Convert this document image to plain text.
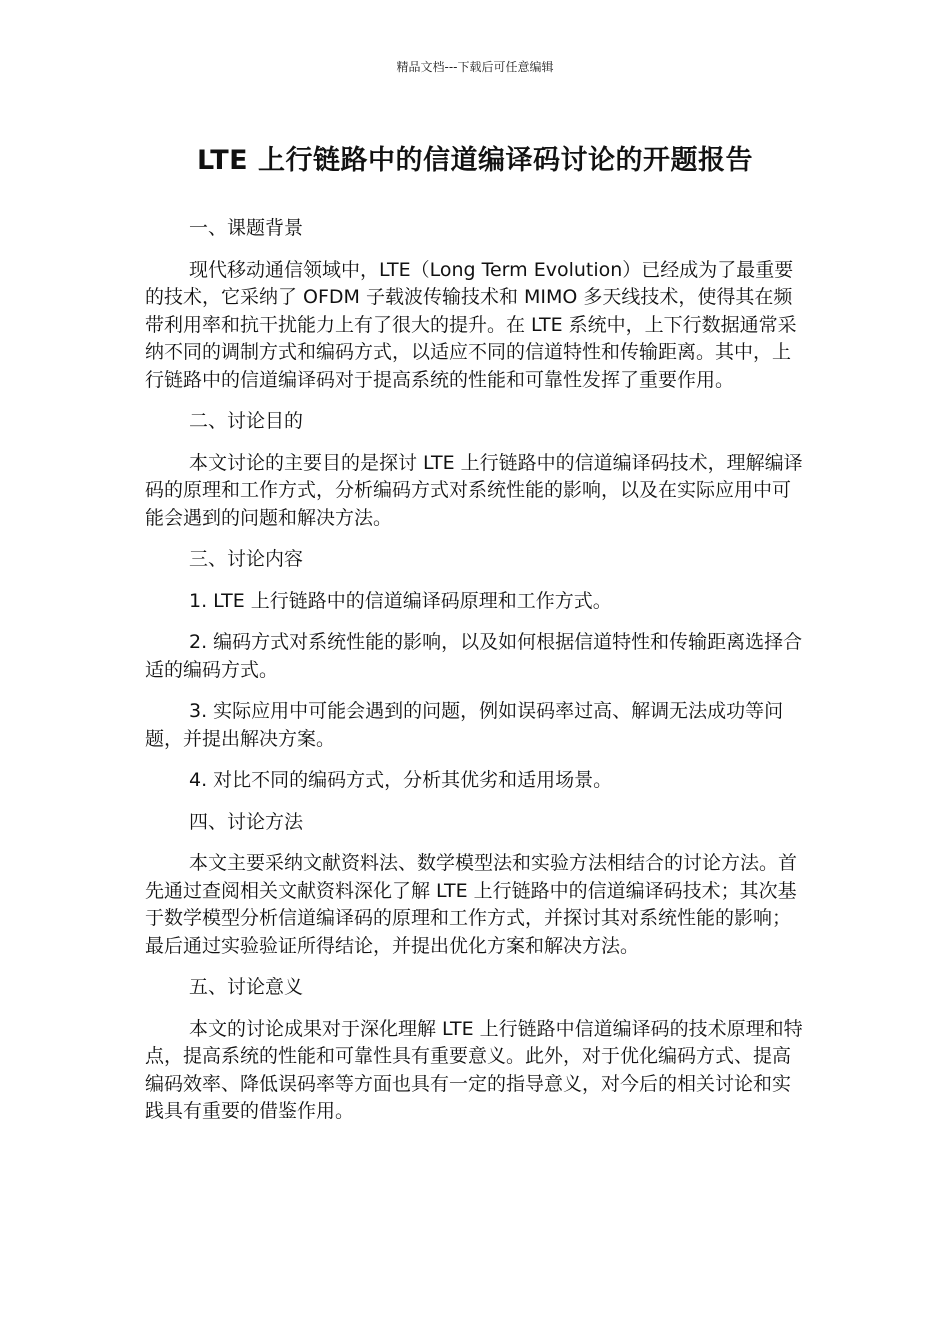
精品文档---下载后可任意编辑
LTE 上行链路中的信道编译码讨论的开题报告

一、课题背景

现代移动通信领域中，LTE（Long Term Evolution）已经成为了最重要的技术，它采纳了 OFDM 子载波传输技术和 MIMO 多天线技术，使得其在频带利用率和抗干扰能力上有了很大的提升。在 LTE 系统中，上下行数据通常采纳不同的调制方式和编码方式，以适应不同的信道特性和传输距离。其中，上行链路中的信道编译码对于提高系统的性能和可靠性发挥了重要作用。

二、讨论目的

本文讨论的主要目的是探讨 LTE 上行链路中的信道编译码技术，理解编译码的原理和工作方式，分析编码方式对系统性能的影响，以及在实际应用中可能会遇到的问题和解决方法。

三、讨论内容

1. LTE 上行链路中的信道编译码原理和工作方式。

2. 编码方式对系统性能的影响，以及如何根据信道特性和传输距离选择合适的编码方式。

3. 实际应用中可能会遇到的问题，例如误码率过高、解调无法成功等问题，并提出解决方案。

4. 对比不同的编码方式，分析其优劣和适用场景。

四、讨论方法

本文主要采纳文献资料法、数学模型法和实验方法相结合的讨论方法。首先通过查阅相关文献资料深化了解 LTE 上行链路中的信道编译码技术；其次基于数学模型分析信道编译码的原理和工作方式，并探讨其对系统性能的影响；最后通过实验验证所得结论，并提出优化方案和解决方法。

五、讨论意义

本文的讨论成果对于深化理解 LTE 上行链路中信道编译码的技术原理和特点，提高系统的性能和可靠性具有重要意义。此外，对于优化编码方式、提高编码效率、降低误码率等方面也具有一定的指导意义，对今后的相关讨论和实践具有重要的借鉴作用。
